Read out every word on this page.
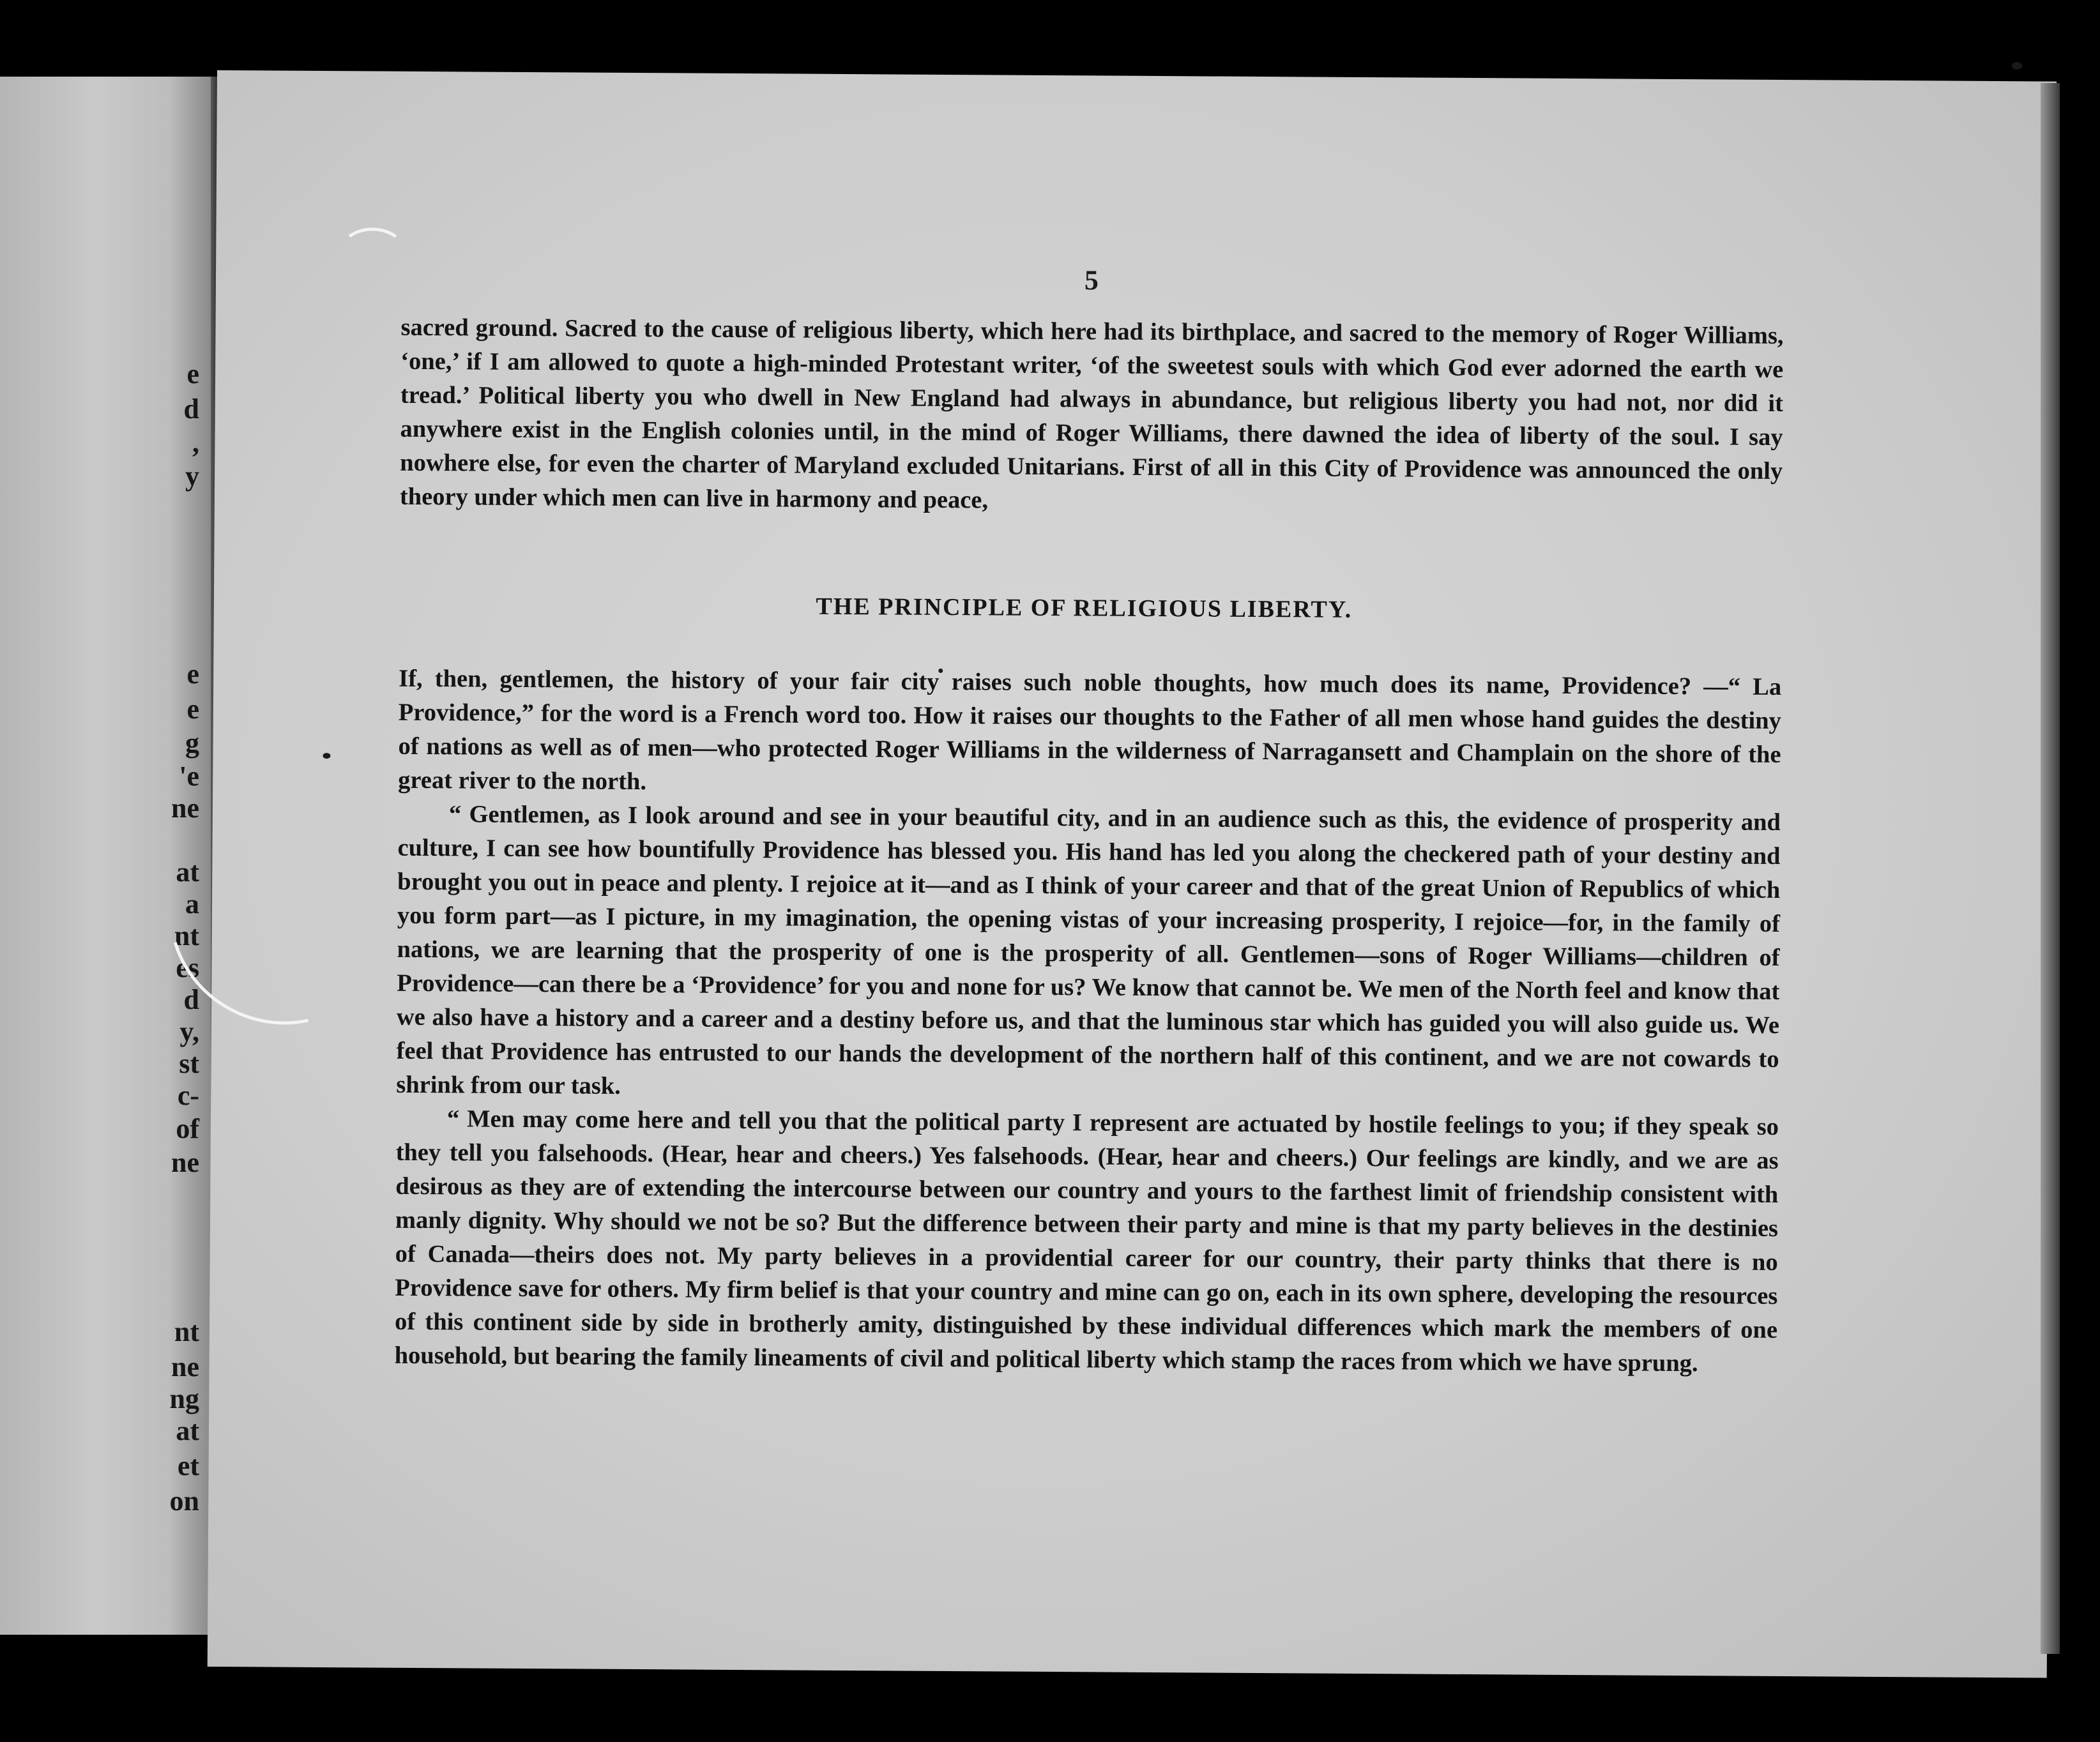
e
d
,
y
e
e
g
'e
ne
at
a
nt
es
d
y,
st
c-
of
ne
nt
ne
ng
at
et
on
5

sacred ground. Sacred to the cause of religious liberty, which here had its birthplace, and sacred to the memory of Roger Williams, ‘one,’ if I am allowed to quote a high-minded Protestant writer, ‘of the sweetest souls with which God ever adorned the earth we tread.’ Political liberty you who dwell in New England had always in abundance, but religious liberty you had not, nor did it anywhere exist in the English colonies until, in the mind of Roger Williams, there dawned the idea of liberty of the soul. I say nowhere else, for even the charter of Maryland excluded Unitarians. First of all in this City of Providence was announced the only theory under which men can live in harmony and peace,

THE PRINCIPLE OF RELIGIOUS LIBERTY.

If, then, gentlemen, the history of your fair city raises such noble thoughts, how much does its name, Providence? —“ La Providence,” for the word is a French word too. How it raises our thoughts to the Father of all men whose hand guides the destiny of nations as well as of men—who protected Roger Williams in the wilderness of Narragansett and Champlain on the shore of the great river to the north.

“ Gentlemen, as I look around and see in your beautiful city, and in an audience such as this, the evidence of prosperity and culture, I can see how bountifully Providence has blessed you. His hand has led you along the checkered path of your destiny and brought you out in peace and plenty. I rejoice at it—and as I think of your career and that of the great Union of Republics of which you form part—as I picture, in my imagination, the opening vistas of your increasing prosperity, I rejoice—for, in the family of nations, we are learning that the prosperity of one is the prosperity of all. Gentlemen—sons of Roger Williams—children of Providence—can there be a ‘Providence’ for you and none for us? We know that cannot be. We men of the North feel and know that we also have a history and a career and a destiny before us, and that the luminous star which has guided you will also guide us. We feel that Providence has entrusted to our hands the development of the northern half of this continent, and we are not cowards to shrink from our task.

“ Men may come here and tell you that the political party I represent are actuated by hostile feelings to you; if they speak so they tell you falsehoods. (Hear, hear and cheers.) Yes falsehoods. (Hear, hear and cheers.) Our feelings are kindly, and we are as desirous as they are of extending the intercourse between our country and yours to the farthest limit of friendship consistent with manly dignity. Why should we not be so? But the difference between their party and mine is that my party believes in the destinies of Canada—theirs does not. My party believes in a providential career for our country, their party thinks that there is no Providence save for others. My firm belief is that your country and mine can go on, each in its own sphere, developing the resources of this continent side by side in brotherly amity, distinguished by these individual differences which mark the members of one household, but bearing the family lineaments of civil and political liberty which stamp the races from which we have sprung.
